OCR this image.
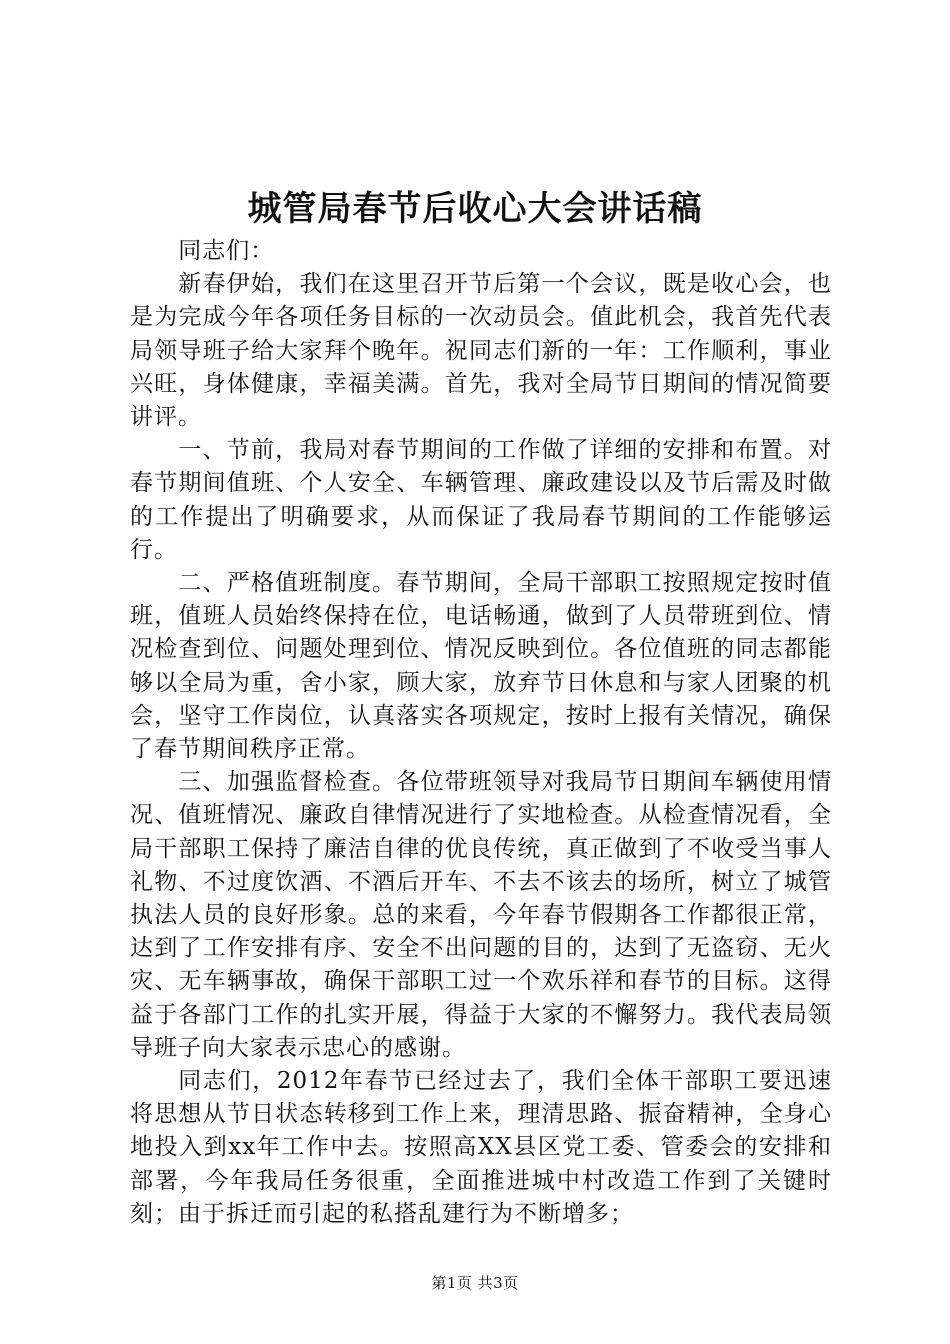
城管局春节后收心大会讲话稿

同志们：

新春伊始，我们在这里召开节后第一个会议，既是收心会，也是为完成今年各项任务目标的一次动员会。值此机会，我首先代表局领导班子给大家拜个晚年。祝同志们新的一年：工作顺利，事业兴旺，身体健康，幸福美满。首先，我对全局节日期间的情况简要讲评。

一、节前，我局对春节期间的工作做了详细的安排和布置。对春节期间值班、个人安全、车辆管理、廉政建设以及节后需及时做的工作提出了明确要求，从而保证了我局春节期间的工作能够运行。

二、严格值班制度。春节期间，全局干部职工按照规定按时值班，值班人员始终保持在位，电话畅通，做到了人员带班到位、情况检查到位、问题处理到位、情况反映到位。各位值班的同志都能够以全局为重，舍小家，顾大家，放弃节日休息和与家人团聚的机会，坚守工作岗位，认真落实各项规定，按时上报有关情况，确保了春节期间秩序正常。

三、加强监督检查。各位带班领导对我局节日期间车辆使用情况、值班情况、廉政自律情况进行了实地检查。从检查情况看，全局干部职工保持了廉洁自律的优良传统，真正做到了不收受当事人礼物、不过度饮酒、不酒后开车、不去不该去的场所，树立了城管执法人员的良好形象。总的来看，今年春节假期各工作都很正常，达到了工作安排有序、安全不出问题的目的，达到了无盗窃、无火灾、无车辆事故，确保干部职工过一个欢乐祥和春节的目标。这得益于各部门工作的扎实开展，得益于大家的不懈努力。我代表局领导班子向大家表示忠心的感谢。

同志们，2012年春节已经过去了，我们全体干部职工要迅速将思想从节日状态转移到工作上来，理清思路、振奋精神，全身心地投入到xx年工作中去。按照高XX县区党工委、管委会的安排和部署，今年我局任务很重，全面推进城中村改造工作到了关键时刻；由于拆迁而引起的私搭乱建行为不断增多；

第1页 共3页
